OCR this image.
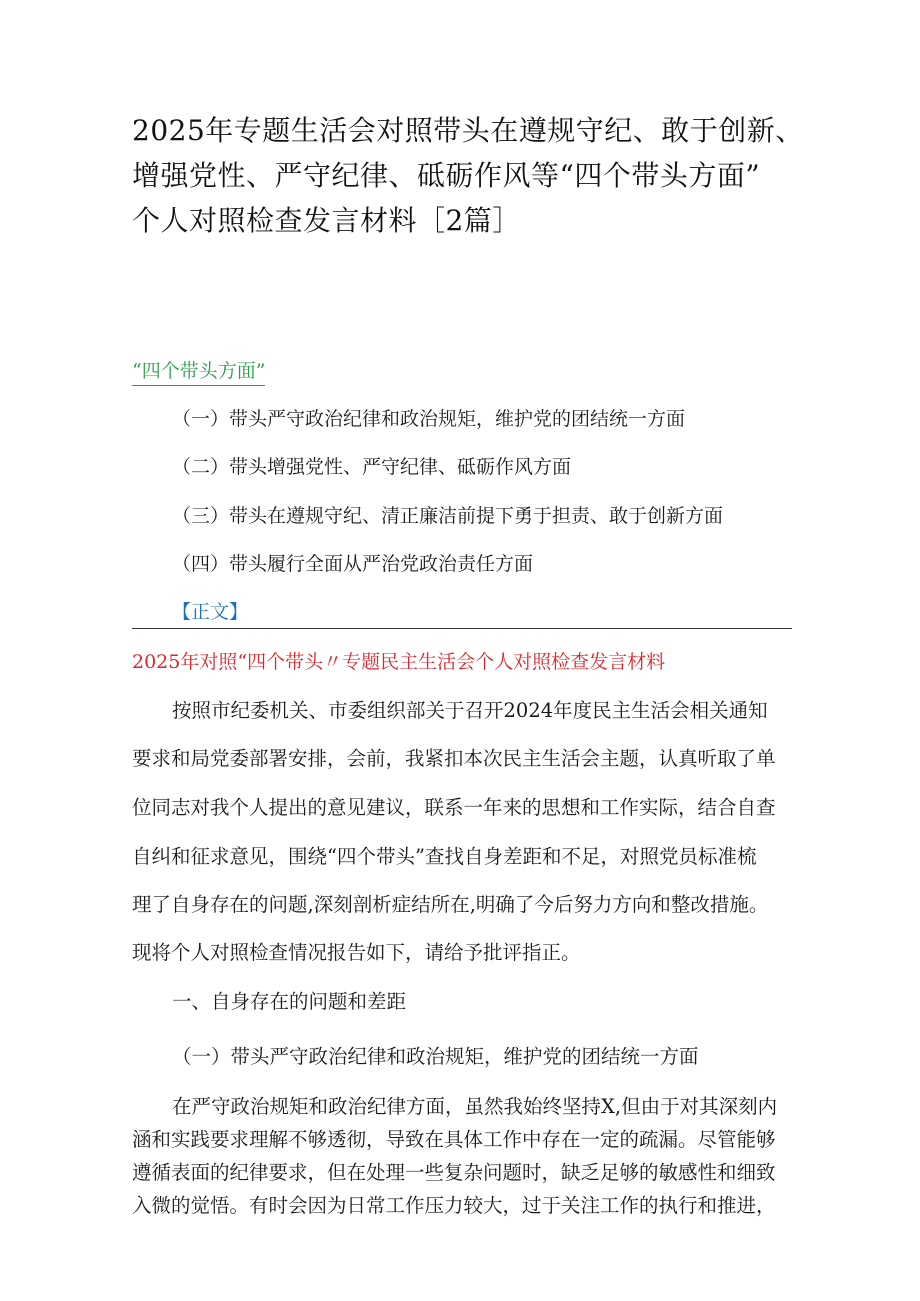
2025年专题生活会对照带头在遵规守纪、敢于创新、
增强党性、严守纪律、砥砺作风等“四个带头方面”
个人对照检查发言材料［2篇］
“四个带头方面”
（一）带头严守政治纪律和政治规矩，维护党的团结统一方面
（二）带头增强党性、严守纪律、砥砺作风方面
（三）带头在遵规守纪、清正廉洁前提下勇于担责、敢于创新方面
（四）带头履行全面从严治党政治责任方面
【正文】
2025年对照“四个带头〃专题民主生活会个人对照检查发言材料
按照市纪委机关、市委组织部关于召开2024年度民主生活会相关通知
要求和局党委部署安排，会前，我紧扣本次民主生活会主题，认真听取了单
位同志对我个人提出的意见建议，联系一年来的思想和工作实际，结合自查
自纠和征求意见，围绕“四个带头”查找自身差距和不足，对照党员标准梳
理了自身存在的问题,深刻剖析症结所在,明确了今后努力方向和整改措施。
现将个人对照检查情况报告如下，请给予批评指正。
一、自身存在的问题和差距
（一）带头严守政治纪律和政治规矩，维护党的团结统一方面
在严守政治规矩和政治纪律方面，虽然我始终坚持X,但由于对其深刻内
涵和实践要求理解不够透彻，导致在具体工作中存在一定的疏漏。尽管能够
遵循表面的纪律要求，但在处理一些复杂问题时，缺乏足够的敏感性和细致
入微的觉悟。有时会因为日常工作压力较大，过于关注工作的执行和推进，
